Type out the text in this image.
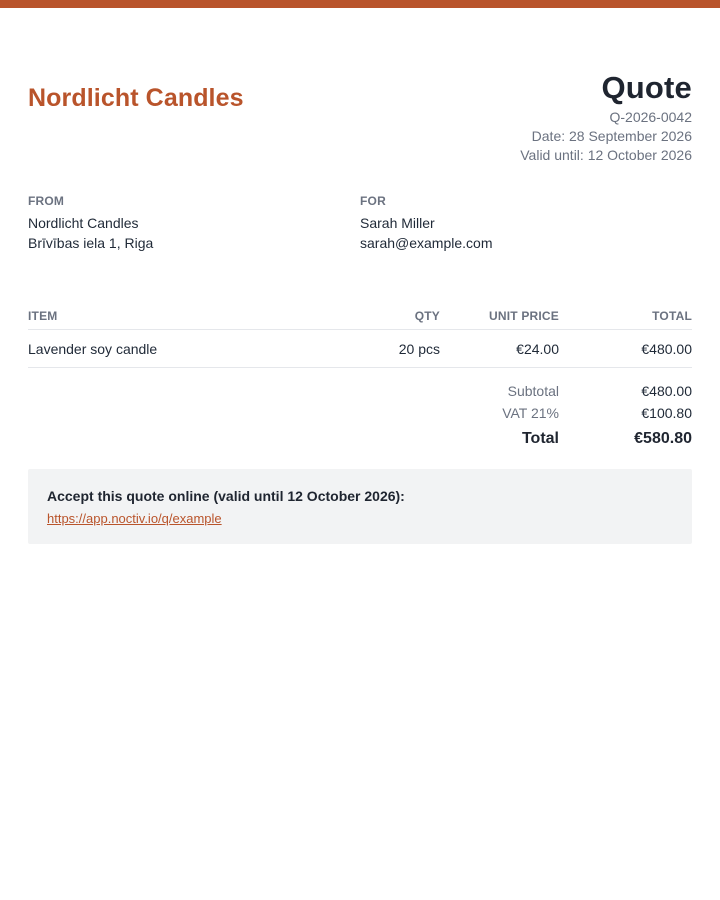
Nordlicht Candles	Quote
Q-2026-0042
Date: 28 September 2026
Valid until: 12 October 2026
FROM
Nordlicht Candles
Brīvības iela 1, Riga
FOR
Sarah Miller
sarah@example.com
ITEM	QTY	UNIT PRICE	TOTAL
Lavender soy candle	20 pcs	€24.00	€480.00
Subtotal	€480.00
VAT 21%	€100.80
Total	€580.80
Accept this quote online (valid until 12 October 2026):
https://app.noctiv.io/q/example
